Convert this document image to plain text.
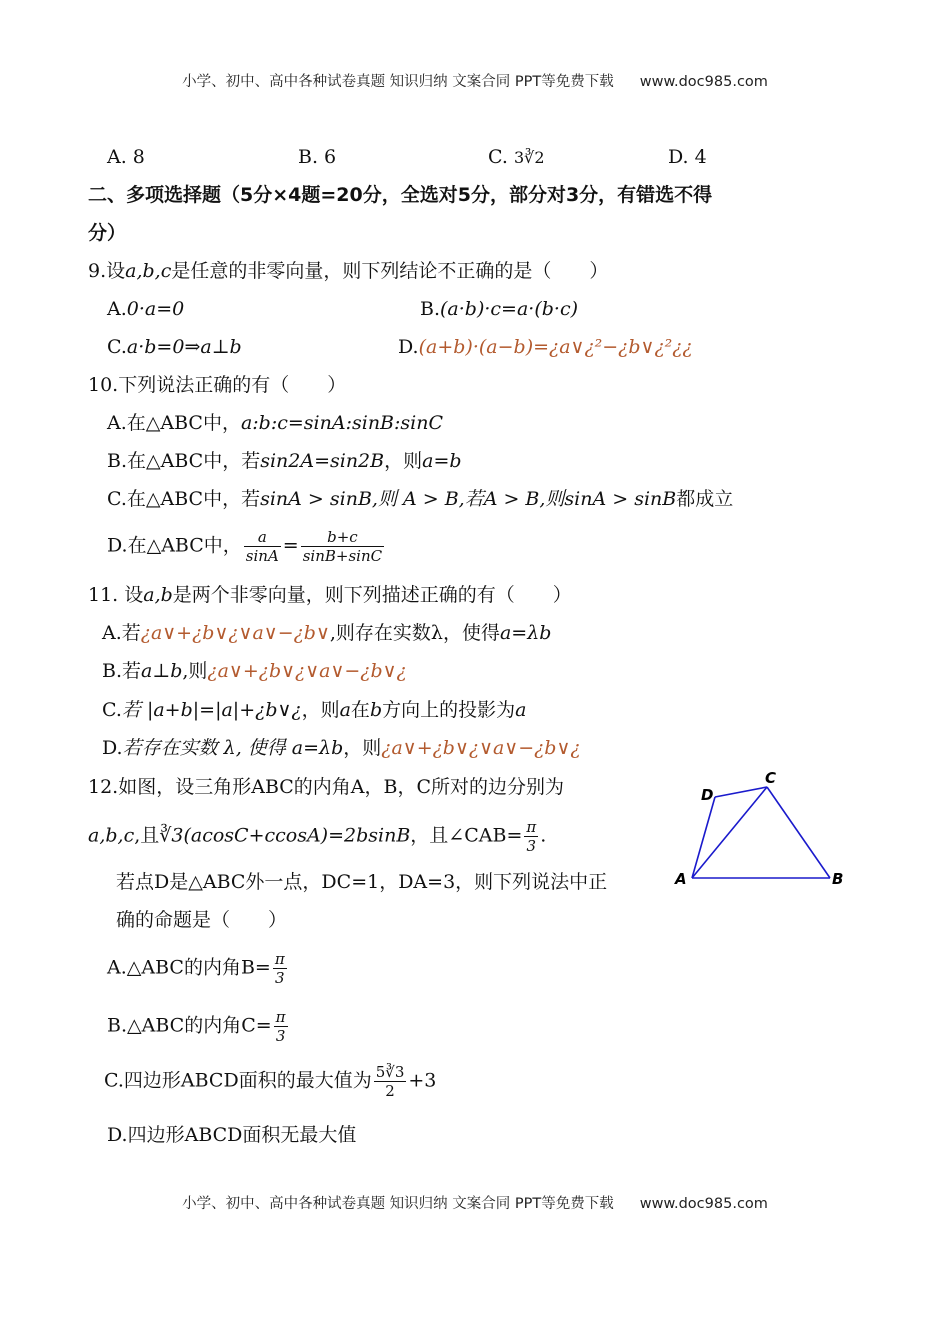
小学、初中、高中各种试卷真题 知识归纳 文案合同 PPT等免费下载 www.doc985.com
A. 8	B. 6	C. 3∛2	D. 4
二、多项选择题（5分×4题=20分，全选对5分，部分对3分，有错选不得
分）
9.设a,b,c是任意的非零向量，则下列结论不正确的是（　　）
A.0·a=0	B.(a·b)·c=a·(b·c)
C.a·b=0⇒a⊥b	D.(a+b)·(a−b)=¿a∨¿²−¿b∨¿²¿¿
10.下列说法正确的有（　　）
A.在△ABC中，a:b:c=sinA:sinB:sinC
B.在△ABC中，若sin2A=sin2B，则a=b
C.在△ABC中，若sinA > sinB,则 A > B,若A > B,则sinA > sinB都成立
D.在△ABC中， $\frac{a}{\sin A} = \frac{b+c}{\sin B+\sin C}$
11. 设a,b是两个非零向量，则下列描述正确的有（　　）
A.若¿a∨+¿b∨¿∨a∨−¿b∨,则存在实数λ，使得a=λb
B.若a⊥b,则¿a∨+¿b∨¿∨a∨−¿b∨¿
C.若 |a+b|=|a|+¿b∨¿，则a在b方向上的投影为a
D.若存在实数 λ, 使得 a=λb，则¿a∨+¿b∨¿∨a∨−¿b∨¿
12.如图，设三角形ABC的内角A，B，C所对的边分别为
a,b,c,且∛3(acosC+ccosA)=2bsinB，且∠CAB= $\frac{\pi}{3}$ .
若点D是△ABC外一点，DC=1，DA=3，则下列说法中正
确的命题是（　　）
A.△ABC的内角$B= \frac{\pi}{3}$
B.△ABC的内角$C= \frac{\pi}{3}$
C.四边形ABCD面积的最大值为 $\frac{5∛3}{2} +3$
D.四边形ABCD面积无最大值
A	B
C
D
小学、初中、高中各种试卷真题 知识归纳 文案合同 PPT等免费下载 www.doc985.com
